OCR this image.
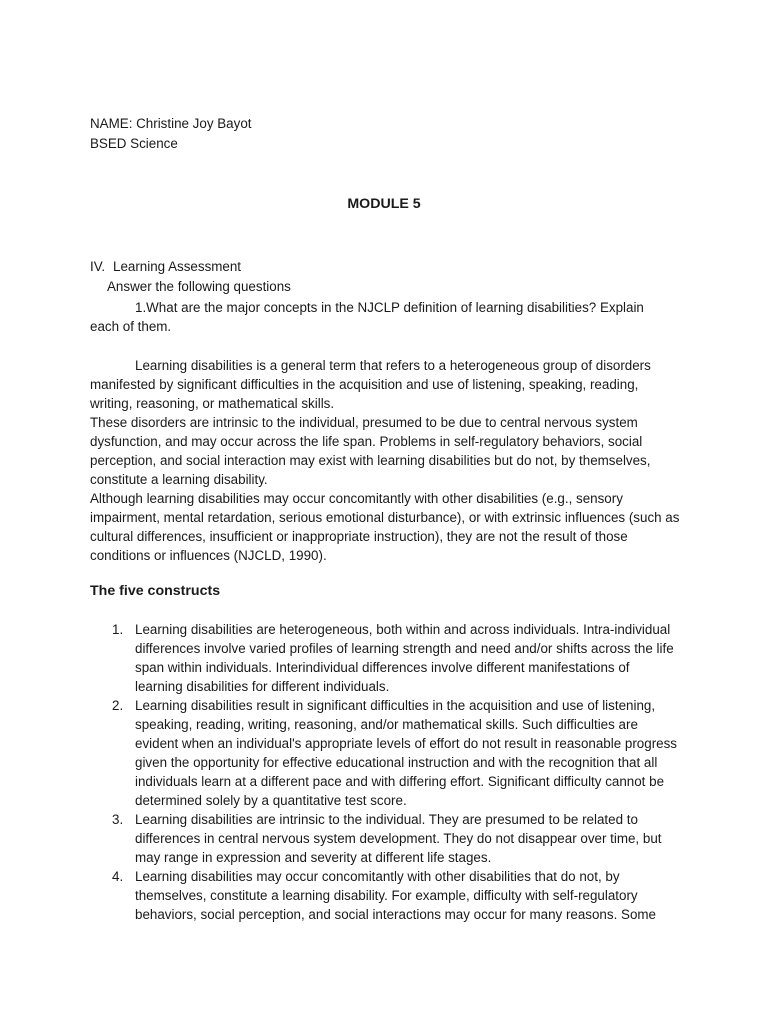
NAME: Christine Joy Bayot
BSED Science
MODULE 5
IV. Learning Assessment
Answer the following questions
1.What are the major concepts in the NJCLP definition of learning disabilities? Explain each of them.

Learning disabilities is a general term that refers to a heterogeneous group of disorders manifested by significant difficulties in the acquisition and use of listening, speaking, reading, writing, reasoning, or mathematical skills.

These disorders are intrinsic to the individual, presumed to be due to central nervous system dysfunction, and may occur across the life span. Problems in self-regulatory behaviors, social perception, and social interaction may exist with learning disabilities but do not, by themselves, constitute a learning disability.

Although learning disabilities may occur concomitantly with other disabilities (e.g., sensory impairment, mental retardation, serious emotional disturbance), or with extrinsic influences (such as cultural differences, insufficient or inappropriate instruction), they are not the result of those conditions or influences (NJCLD, 1990).

The five constructs
1. Learning disabilities are heterogeneous, both within and across individuals. Intra-individual differences involve varied profiles of learning strength and need and/or shifts across the life span within individuals. Interindividual differences involve different manifestations of learning disabilities for different individuals.
2. Learning disabilities result in significant difficulties in the acquisition and use of listening, speaking, reading, writing, reasoning, and/or mathematical skills. Such difficulties are evident when an individual's appropriate levels of effort do not result in reasonable progress given the opportunity for effective educational instruction and with the recognition that all individuals learn at a different pace and with differing effort. Significant difficulty cannot be determined solely by a quantitative test score.
3. Learning disabilities are intrinsic to the individual. They are presumed to be related to differences in central nervous system development. They do not disappear over time, but may range in expression and severity at different life stages.
4. Learning disabilities may occur concomitantly with other disabilities that do not, by themselves, constitute a learning disability. For example, difficulty with self-regulatory behaviors, social perception, and social interactions may occur for many reasons. Some
